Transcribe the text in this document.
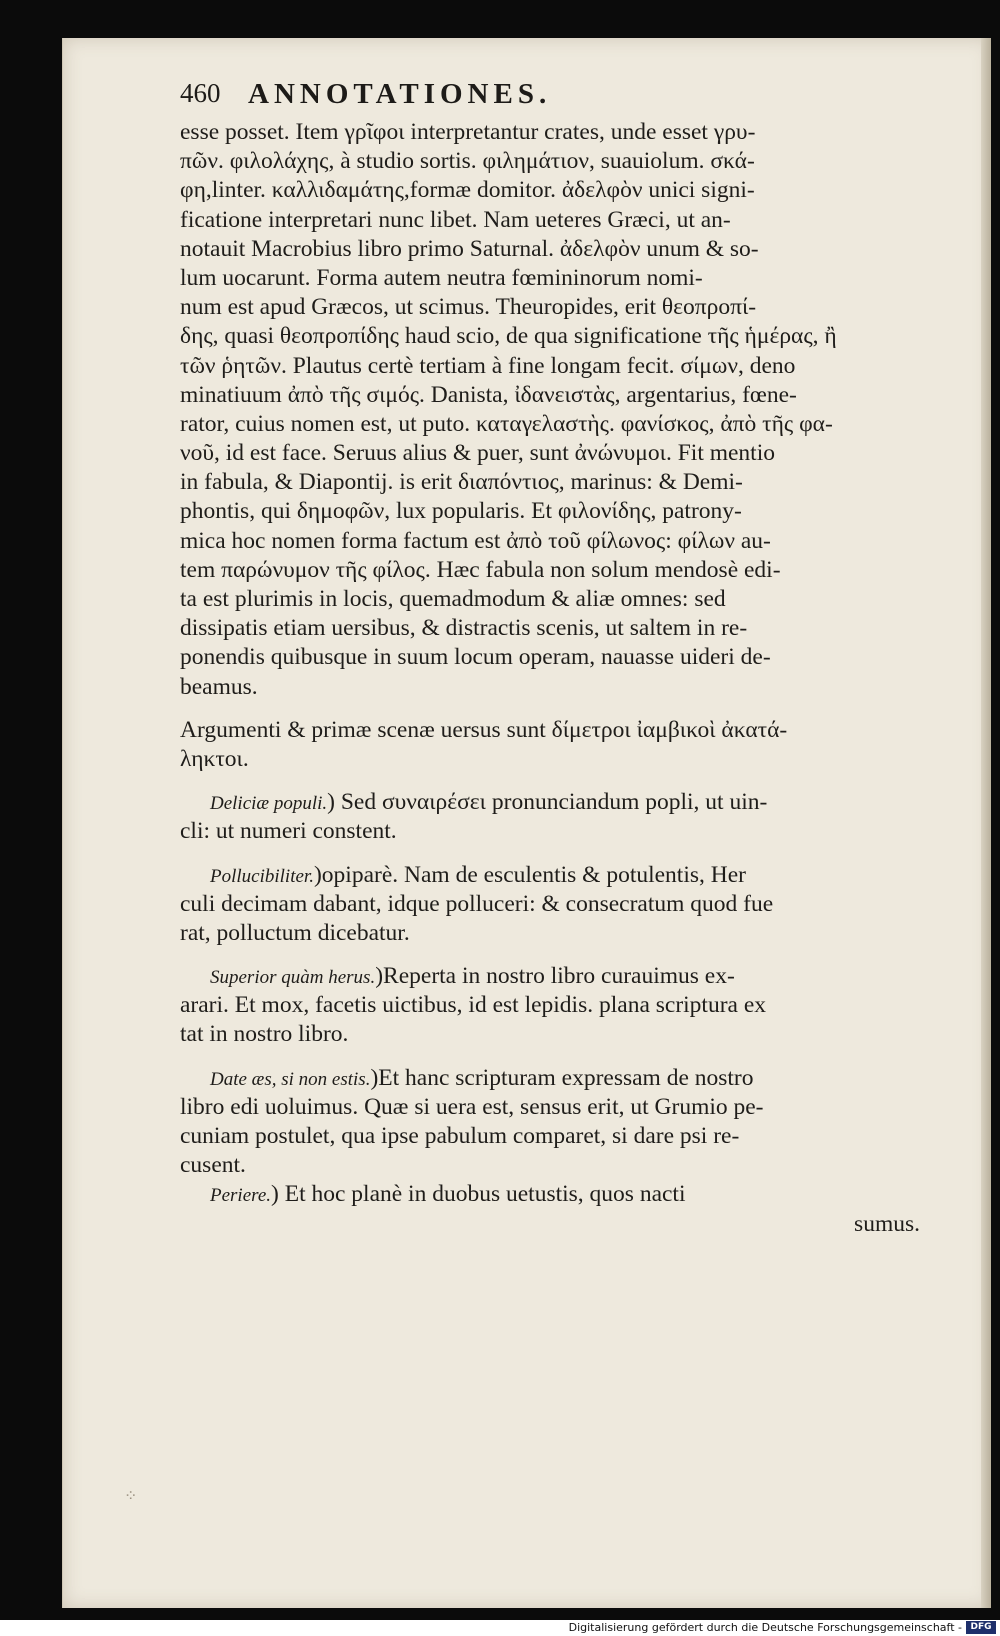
460 ANNOTATIONES.
esse posset. Item γρῖφοι interpretantur crates, unde esset γρυ-
πῶν. φιλολάχης, à studio sortis. φιλημάτιον, suauiolum. σκά-
φη,linter. καλλιδαμάτης,formæ domitor. ἀδελφὸν unici signi-
ficatione interpretari nunc libet. Nam ueteres Græci, ut an-
notauit Macrobius libro primo Saturnal. ἀδελφὸν unum & so-
lum uocarunt. Forma autem neutra fœmininorum nomi-
num est apud Græcos, ut scimus. Theuropides, erit θεοπροπί-
δης, quasi θεοπροπίδης haud scio, de qua significatione τῆς ἡμέρας, ἢ
τῶν ῥητῶν. Plautus certè tertiam à fine longam fecit. σίμων, deno
minatiuum ἀπὸ τῆς σιμός. Danista, ἰδανειστὰς, argentarius, fœne-
rator, cuius nomen est, ut puto. καταγελαστὴς. φανίσκος, ἀπὸ τῆς φα-
νοῦ, id est face. Seruus alius & puer, sunt ἀνώνυμοι. Fit mentio
in fabula, & Diapontij. is erit διαπόντιος, marinus: & Demi-
phontis, qui δημοφῶν, lux popularis. Et φιλονίδης, patrony-
mica hoc nomen forma factum est ἀπὸ τοῦ φίλωνος: φίλων au-
tem παρώνυμον τῆς φίλος. Hæc fabula non solum mendosè edi-
ta est plurimis in locis, quemadmodum & aliæ omnes: sed
dissipatis etiam uersibus, & distractis scenis, ut saltem in re-
ponendis quibusque in suum locum operam, nauasse uideri de-
beamus.
Argumenti & primæ scenæ uersus sunt δίμετροι ἰαμβικοὶ ἀκατά-
ληκτοι.
Deliciæ populi.) Sed συναιρέσει pronunciandum popli, ut uin-
cli: ut numeri constent.
Pollucibiliter.)opiparè. Nam de esculentis & potulentis, Her
culi decimam dabant, idque polluceri: & consecratum quod fue
rat, polluctum dicebatur.
Superior quàm herus.)Reperta in nostro libro curauimus ex-
arari. Et mox, facetis uictibus, id est lepidis. plana scriptura ex
tat in nostro libro.
Date æs, si non estis.)Et hanc scripturam expressam de nostro
libro edi uoluimus. Quæ si uera est, sensus erit, ut Grumio pe-
cuniam postulet, qua ipse pabulum comparet, si dare psi re-
cusent.
Periere.) Et hoc planè in duobus uetustis, quos nacti
sumus.
⁘
Digitalisierung gefördert durch die Deutsche Forschungsgemeinschaft - DFG
